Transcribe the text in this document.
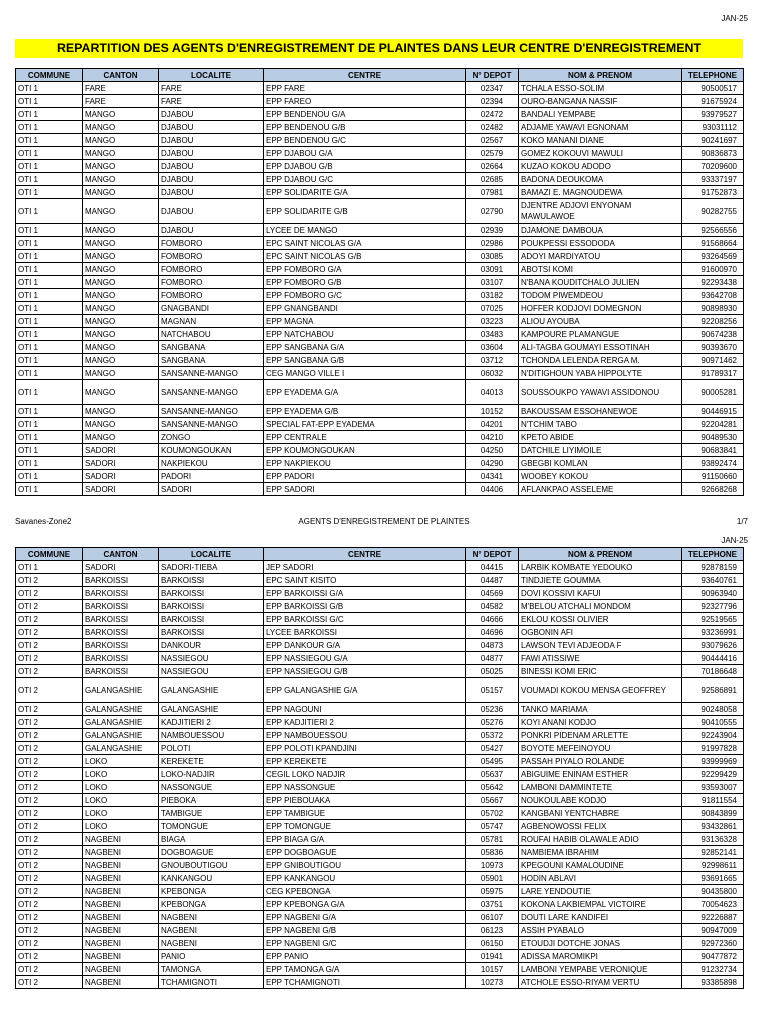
JAN-25
REPARTITION DES AGENTS D'ENREGISTREMENT DE PLAINTES DANS LEUR CENTRE D'ENREGISTREMENT
COMMUNE	CANTON	LOCALITE	CENTRE	N° DEPOT	NOM & PRENOM	TELEPHONE
OTI 1	FARE	FARE	EPP FARE	02347	TCHALA ESSO-SOLIM	90500517
OTI 1	FARE	FARE	EPP FAREO	02394	OURO-BANGANA NASSIF	91675924
OTI 1	MANGO	DJABOU	EPP BENDENOU G/A	02472	BANDALI YEMPABE	93979527
OTI 1	MANGO	DJABOU	EPP BENDENOU G/B	02482	ADJAME YAWAVI EGNONAM	93031112
OTI 1	MANGO	DJABOU	EPP BENDENOU G/C	02567	KOKO MANANI DIANE	90241697
OTI 1	MANGO	DJABOU	EPP DJABOU G/A	02579	GOMEZ KOKOUVI MAWULI	90836873
OTI 1	MANGO	DJABOU	EPP DJABOU G/B	02664	KUZAO KOKOU ADODO	70209600
OTI 1	MANGO	DJABOU	EPP DJABOU G/C	02685	BADONA DEOUKOMA	93337197
OTI 1	MANGO	DJABOU	EPP SOLIDARITE G/A	07981	BAMAZI E. MAGNOUDEWA	91752873
OTI 1	MANGO	DJABOU	EPP SOLIDARITE G/B	02790	DJENTRE ADJOVI ENYONAM MAWULAWOE	90282755
OTI 1	MANGO	DJABOU	LYCEE DE MANGO	02939	DJAMONE DAMBOUA	92566556
OTI 1	MANGO	FOMBORO	EPC SAINT NICOLAS G/A	02986	POUKPESSI ESSODODA	91568664
OTI 1	MANGO	FOMBORO	EPC SAINT NICOLAS G/B	03085	ADOYI MARDIYATOU	93264569
OTI 1	MANGO	FOMBORO	EPP FOMBORO G/A	03091	ABOTSI KOMI	91600970
OTI 1	MANGO	FOMBORO	EPP FOMBORO G/B	03107	N'BANA KOUDITCHALO JULIEN	92293438
OTI 1	MANGO	FOMBORO	EPP FOMBORO G/C	03182	TODOM PIWEMDEOU	93642708
OTI 1	MANGO	GNAGBANDI	EPP GNANGBANDI	07025	HOFFER KODJOVI DOMEGNON	90898930
OTI 1	MANGO	MAGNAN	EPP MAGNA	03223	ALIOU AYOUBA	92208256
OTI 1	MANGO	NATCHABOU	EPP NATCHABOU	03483	KAMPOURE PLAMANGUE	90674238
OTI 1	MANGO	SANGBANA	EPP SANGBANA G/A	03604	ALI-TAGBA GOUMAYI ESSOTINAH	90393670
OTI 1	MANGO	SANGBANA	EPP SANGBANA G/B	03712	TCHONDA LELENDA RERGA M.	90971462
OTI 1	MANGO	SANSANNE-MANGO	CEG MANGO VILLE I	06032	N'DITIGHOUN YABA HIPPOLYTE	91789317
OTI 1	MANGO	SANSANNE-MANGO	EPP EYADEMA G/A	04013	SOUSSOUKPO YAWAVI ASSIDONOU	90005281
OTI 1	MANGO	SANSANNE-MANGO	EPP EYADEMA G/B	10152	BAKOUSSAM ESSOHANEWOE	90446915
OTI 1	MANGO	SANSANNE-MANGO	SPECIAL FAT-EPP EYADEMA	04201	N'TCHIM TABO	92204281
OTI 1	MANGO	ZONGO	EPP CENTRALE	04210	KPETO ABIDE	90489530
OTI 1	SADORI	KOUMONGOUKAN	EPP KOUMONGOUKAN	04250	DATCHILE LIYIMOILE	90683841
OTI 1	SADORI	NAKPIEKOU	EPP NAKPIEKOU	04290	GBEGBI KOMLAN	93892474
OTI 1	SADORI	PADORI	EPP PADORI	04341	WOOBEY KOKOU	91150660
OTI 1	SADORI	SADORI	EPP SADORI	04406	AFLANKPAO ASSELEME	92668268
Savanes-Zone2	AGENTS D'ENREGISTREMENT DE PLAINTES	1/7
JAN-25
COMMUNE	CANTON	LOCALITE	CENTRE	N° DEPOT	NOM & PRENOM	TELEPHONE
OTI 1	SADORI	SADORI-TIEBA	JEP SADORI	04415	LARBIK KOMBATE YEDOUKO	92878159
OTI 2	BARKOISSI	BARKOISSI	EPC SAINT KISITO	04487	TINDJIETE GOUMMA	93640761
OTI 2	BARKOISSI	BARKOISSI	EPP BARKOISSI G/A	04569	DOVI KOSSIVI KAFUI	90963940
OTI 2	BARKOISSI	BARKOISSI	EPP BARKOISSI G/B	04582	M'BELOU ATCHALI MONDOM	92327796
OTI 2	BARKOISSI	BARKOISSI	EPP BARKOISSI G/C	04666	EKLOU KOSSI OLIVIER	92519565
OTI 2	BARKOISSI	BARKOISSI	LYCEE BARKOISSI	04696	OGBONIN AFI	93236991
OTI 2	BARKOISSI	DANKOUR	EPP DANKOUR G/A	04873	LAWSON TEVI ADJEODA F	93079626
OTI 2	BARKOISSI	NASSIEGOU	EPP NASSIEGOU G/A	04877	FAWI ATISSIWE	90444416
OTI 2	BARKOISSI	NASSIEGOU	EPP NASSIEGOU G/B	05025	BINESSI KOMI ERIC	70186648
OTI 2	GALANGASHIE	GALANGASHIE	EPP GALANGASHIE G/A	05157	VOUMADI KOKOU MENSA GEOFFREY	92586891
OTI 2	GALANGASHIE	GALANGASHIE	EPP NAGOUNI	05236	TANKO MARIAMA	90248058
OTI 2	GALANGASHIE	KADJITIERI 2	EPP KADJITIERI 2	05276	KOYI ANANI KODJO	90410555
OTI 2	GALANGASHIE	NAMBOUESSOU	EPP NAMBOUESSOU	05372	PONKRI PIDENAM ARLETTE	92243904
OTI 2	GALANGASHIE	POLOTI	EPP POLOTI KPANDJINI	05427	BOYOTE MEFEINOYOU	91997828
OTI 2	LOKO	KEREKETE	EPP KEREKETE	05495	PASSAH PIYALO ROLANDE	93999969
OTI 2	LOKO	LOKO-NADJIR	CEGIL LOKO NADJIR	05637	ABIGUIME ENINAM ESTHER	92299429
OTI 2	LOKO	NASSONGUE	EPP NASSONGUE	05642	LAMBONI DAMMINTETE	93593007
OTI 2	LOKO	PIEBOKA	EPP PIEBOUAKA	05667	NOUKOULABE KODJO	91811554
OTI 2	LOKO	TAMBIGUE	EPP TAMBIGUE	05702	KANGBANI YENTCHABRE	90843899
OTI 2	LOKO	TOMONGUE	EPP TOMONGUE	05747	AGBENOWOSSI FELIX	93432861
OTI 2	NAGBENI	BIAGA	EPP BIAGA G/A	05781	ROUFAI HABIB OLAWALE ADIO	93136328
OTI 2	NAGBENI	DOGBOAGUE	EPP DOGBOAGUE	05836	NAMBIEMA IBRAHIM	92852141
OTI 2	NAGBENI	GNOUBOUTIGOU	EPP GNIBOUTIGOU	10973	KPEGOUNI KAMALOUDINE	92998611
OTI 2	NAGBENI	KANKANGOU	EPP KANKANGOU	05901	HODIN ABLAVI	93691665
OTI 2	NAGBENI	KPEBONGA	CEG KPEBONGA	05975	LARE YENDOUTIE	90435800
OTI 2	NAGBENI	KPEBONGA	EPP KPEBONGA G/A	03751	KOKONA LAKBIEMPAL VICTOIRE	70054623
OTI 2	NAGBENI	NAGBENI	EPP NAGBENI G/A	06107	DOUTI LARE KANDIFEI	92226887
OTI 2	NAGBENI	NAGBENI	EPP NAGBENI G/B	06123	ASSIH PYABALO	90947009
OTI 2	NAGBENI	NAGBENI	EPP NAGBENI G/C	06150	ETOUDJI DOTCHE JONAS	92972360
OTI 2	NAGBENI	PANIO	EPP PANIO	01941	ADISSA MAROMIKPI	90477872
OTI 2	NAGBENI	TAMONGA	EPP TAMONGA G/A	10157	LAMBONI YEMPABE VERONIQUE	91232734
OTI 2	NAGBENI	TCHAMIGNOTI	EPP TCHAMIGNOTI	10273	ATCHOLE ESSO-RIYAM VERTU	93385898
